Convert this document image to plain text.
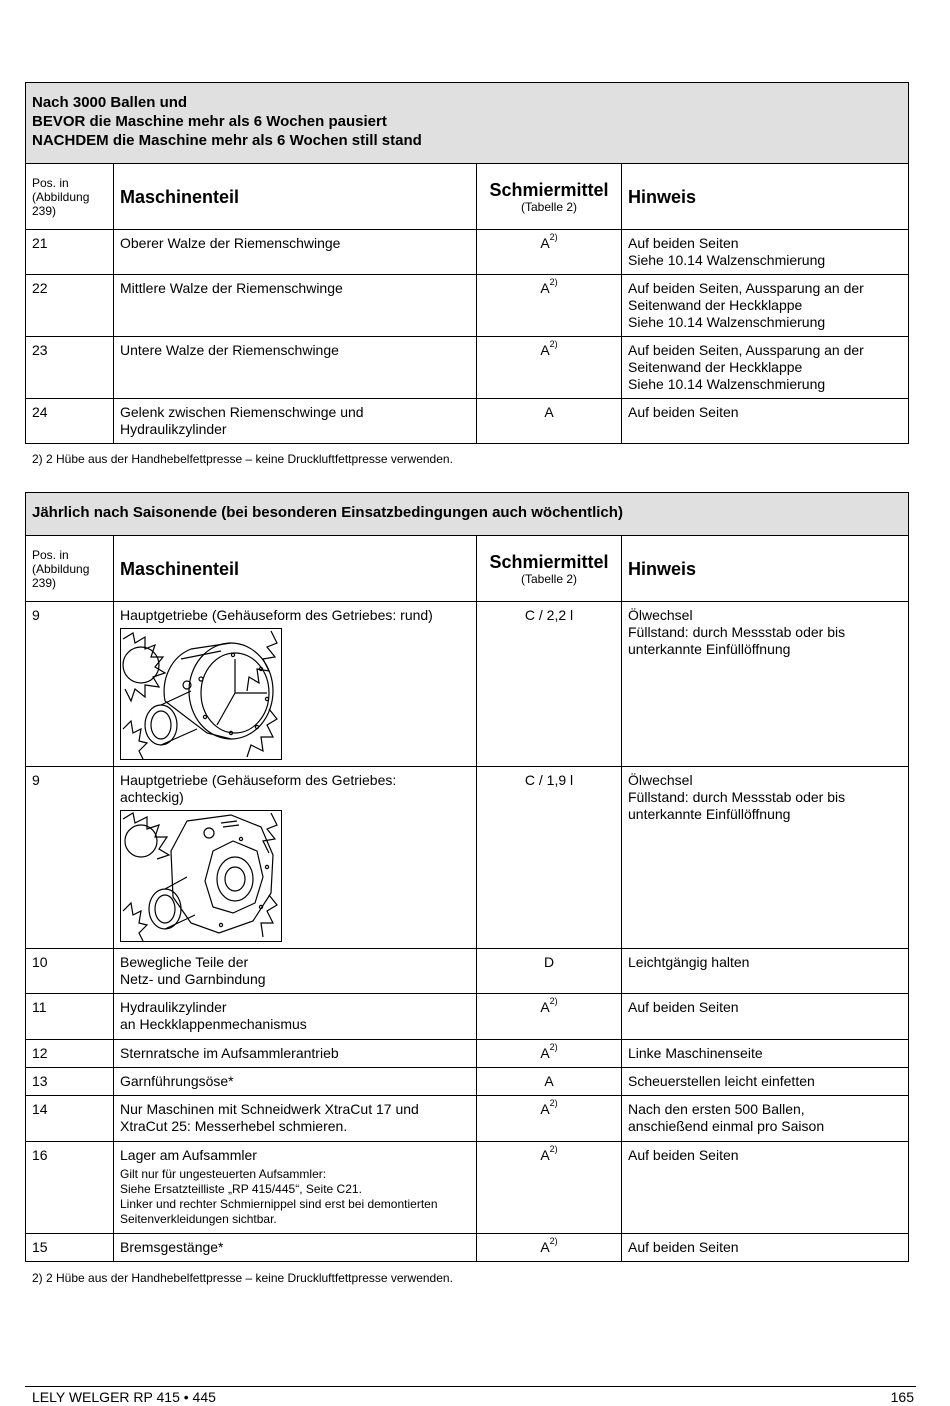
Nach 3000 Ballen und
BEVOR die Maschine mehr als 6 Wochen pausiert
NACHDEM die Maschine mehr als 6 Wochen still stand			

Pos. in
(Abbildung
239)	Maschinenteil	Schmiermittel
(Tabelle 2)	Hinweis

21	Oberer Walze der Riemenschwinge	$A^{2)}$	Auf beiden Seiten
Siehe 10.14 Walzenschmierung
22	Mittlere Walze der Riemenschwinge	$A^{2)}$	Auf beiden Seiten, Aussparung an der
Seitenwand der Heckklappe
Siehe 10.14 Walzenschmierung
23	Untere Walze der Riemenschwinge	$A^{2)}$	Auf beiden Seiten, Aussparung an der
Seitenwand der Heckklappe
Siehe 10.14 Walzenschmierung
24	Gelenk zwischen Riemenschwinge und
Hydraulikzylinder	A	Auf beiden Seiten
2) 2 Hübe aus der Handhebelfettpresse – keine Druckluftfettpresse verwenden.
Jährlich nach Saisonende (bei besonderen Einsatzbedingungen auch wöchentlich)			

Pos. in
(Abbildung
239)	Maschinenteil	Schmiermittel
(Tabelle 2)	Hinweis

9	Hauptgetriebe (Gehäuseform des Getriebes: rund)	C / 2,2 l	Ölwechsel
Füllstand: durch Messstab oder bis
unterkannte Einfüllöffnung
9	Hauptgetriebe (Gehäuseform des Getriebes:
achteckig)	C / 1,9 l	Ölwechsel
Füllstand: durch Messstab oder bis
unterkannte Einfüllöffnung
10	Bewegliche Teile der
Netz- und Garnbindung	D	Leichtgängig halten
11	Hydraulikzylinder
an Heckklappenmechanismus	$A^{2)}$	Auf beiden Seiten
12	Sternratsche im Aufsammlerantrieb	$A^{2)}$	Linke Maschinenseite
13	Garnführungsöse*	A	Scheuerstellen leicht einfetten
14	Nur Maschinen mit Schneidwerk XtraCut 17 und
XtraCut 25: Messerhebel schmieren.	$A^{2)}$	Nach den ersten 500 Ballen,
anschießend einmal pro Saison
16	Lager am Aufsammler
Gilt nur für ungesteuerten Aufsammler:
Siehe Ersatzteilliste „RP 415/445“, Seite C21.
Linker und rechter Schmiernippel sind erst bei demontierten
Seitenverkleidungen sichtbar.	$A^{2)}$	Auf beiden Seiten
15	Bremsgestänge*	$A^{2)}$	Auf beiden Seiten
2) 2 Hübe aus der Handhebelfettpresse – keine Druckluftfettpresse verwenden.
LELY WELGER RP 415 • 445	165
